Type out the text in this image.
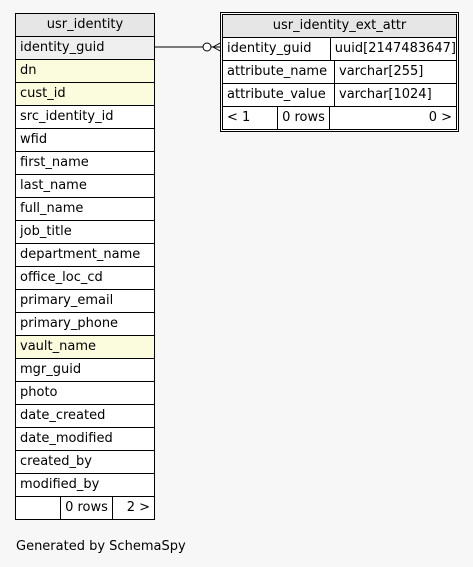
usr_identity
identity_guid
dn
cust_id
src_identity_id
wfid
first_name
last_name
full_name
job_title
department_name
office_loc_cd
primary_email
primary_phone
vault_name
mgr_guid
photo
date_created
date_modified
created_by
modified_by
0 rows	2 >
usr_identity_ext_attr
identity_guid	uuid[2147483647]
attribute_name varchar[255]
attribute_value	varchar[1024]
< 1	0 rows	0 >
Generated by SchemaSpy
